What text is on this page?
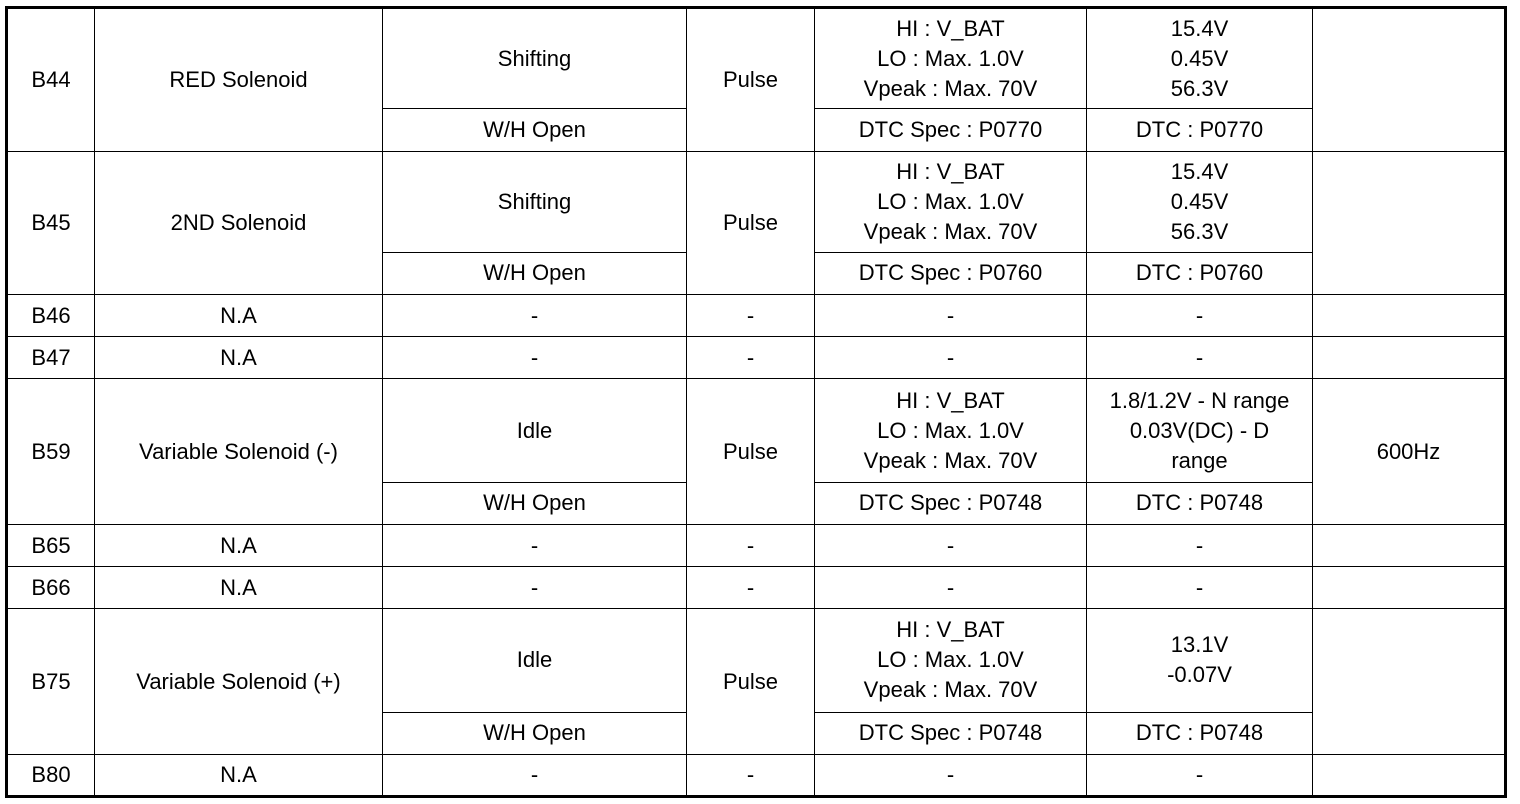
B44	RED Solenoid	Shifting	Pulse	HI : V_BAT
LO : Max. 1.0V
Vpeak : Max. 70V	15.4V
0.45V
56.3V	
		W/H Open		DTC Spec : P0770	DTC : P0770	
B45	2ND Solenoid	Shifting	Pulse	HI : V_BAT
LO : Max. 1.0V
Vpeak : Max. 70V	15.4V
0.45V
56.3V	
		W/H Open		DTC Spec : P0760	DTC : P0760	
B46	N.A	-	-	-	-	
B47	N.A	-	-	-	-	
B59	Variable Solenoid (-)	Idle	Pulse	HI : V_BAT
LO : Max. 1.0V
Vpeak : Max. 70V	1.8/1.2V - N range
0.03V(DC) - D
range	600Hz
		W/H Open		DTC Spec : P0748	DTC : P0748	
B65	N.A	-	-	-	-	
B66	N.A	-	-	-	-	
B75	Variable Solenoid (+)	Idle	Pulse	HI : V_BAT
LO : Max. 1.0V
Vpeak : Max. 70V	13.1V
-0.07V	
		W/H Open		DTC Spec : P0748	DTC : P0748	
B80	N.A	-	-	-	-	
